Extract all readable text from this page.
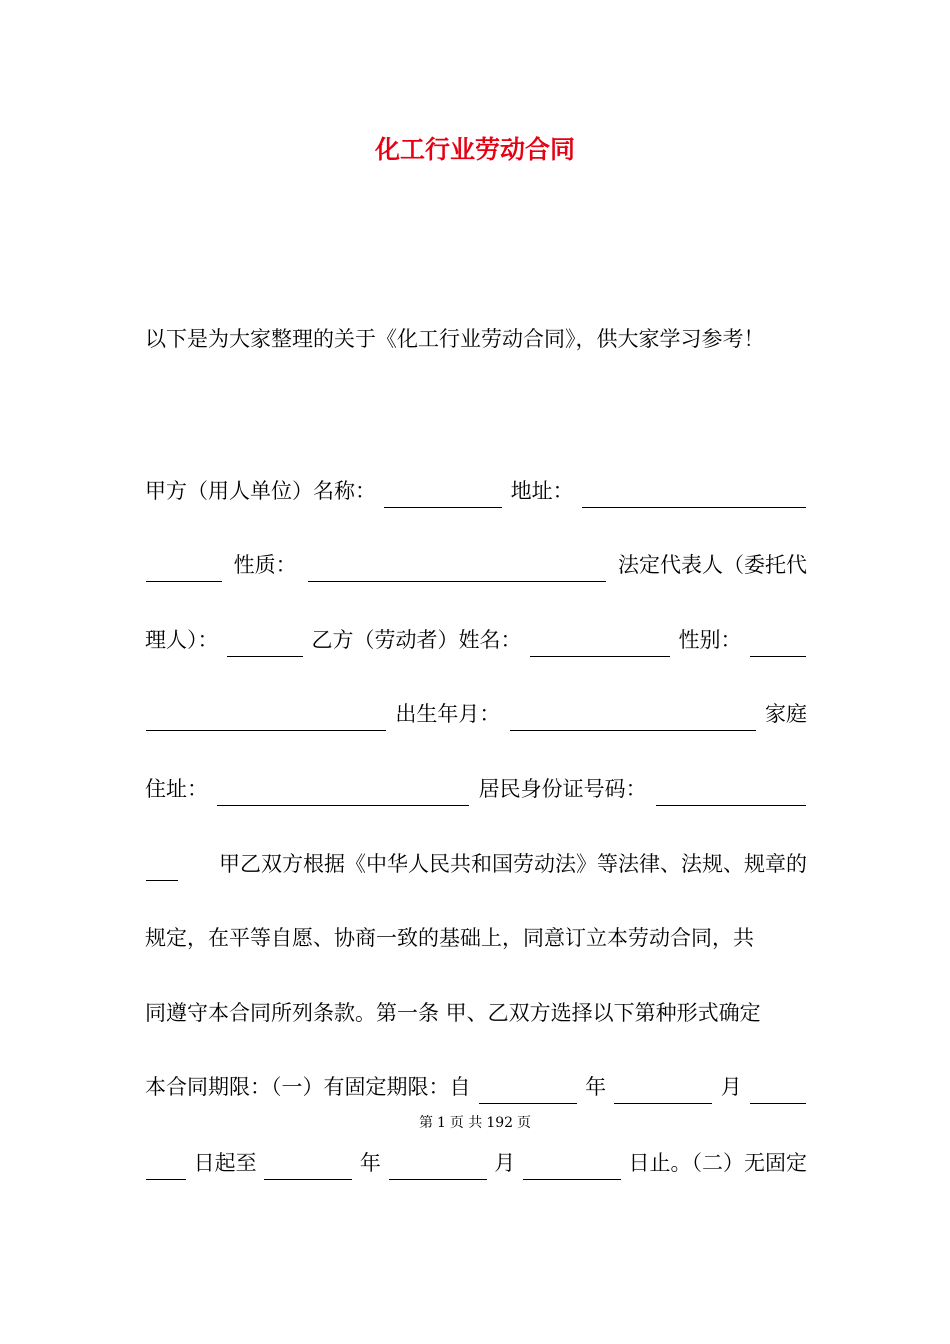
化工行业劳动合同
以下是为大家整理的关于《化工行业劳动合同》，供大家学习参考！
甲方（用人单位）名称：	地址：
性质：	法定代表人（委托代
理人）：	乙方（劳动者）姓名：	性别：
出生年月：	家庭
住址：	居民身份证号码：
甲乙双方根据《中华人民共和国劳动法》等法律、法规、规章的
规定，在平等自愿、协商一致的基础上，同意订立本劳动合同，共
同遵守本合同所列条款。第一条 甲、乙双方选择以下第种形式确定
本合同期限：（一）有固定期限：自	年	月
第 1 页 共 192 页
日起至	年	月	日止。（二）无固定
